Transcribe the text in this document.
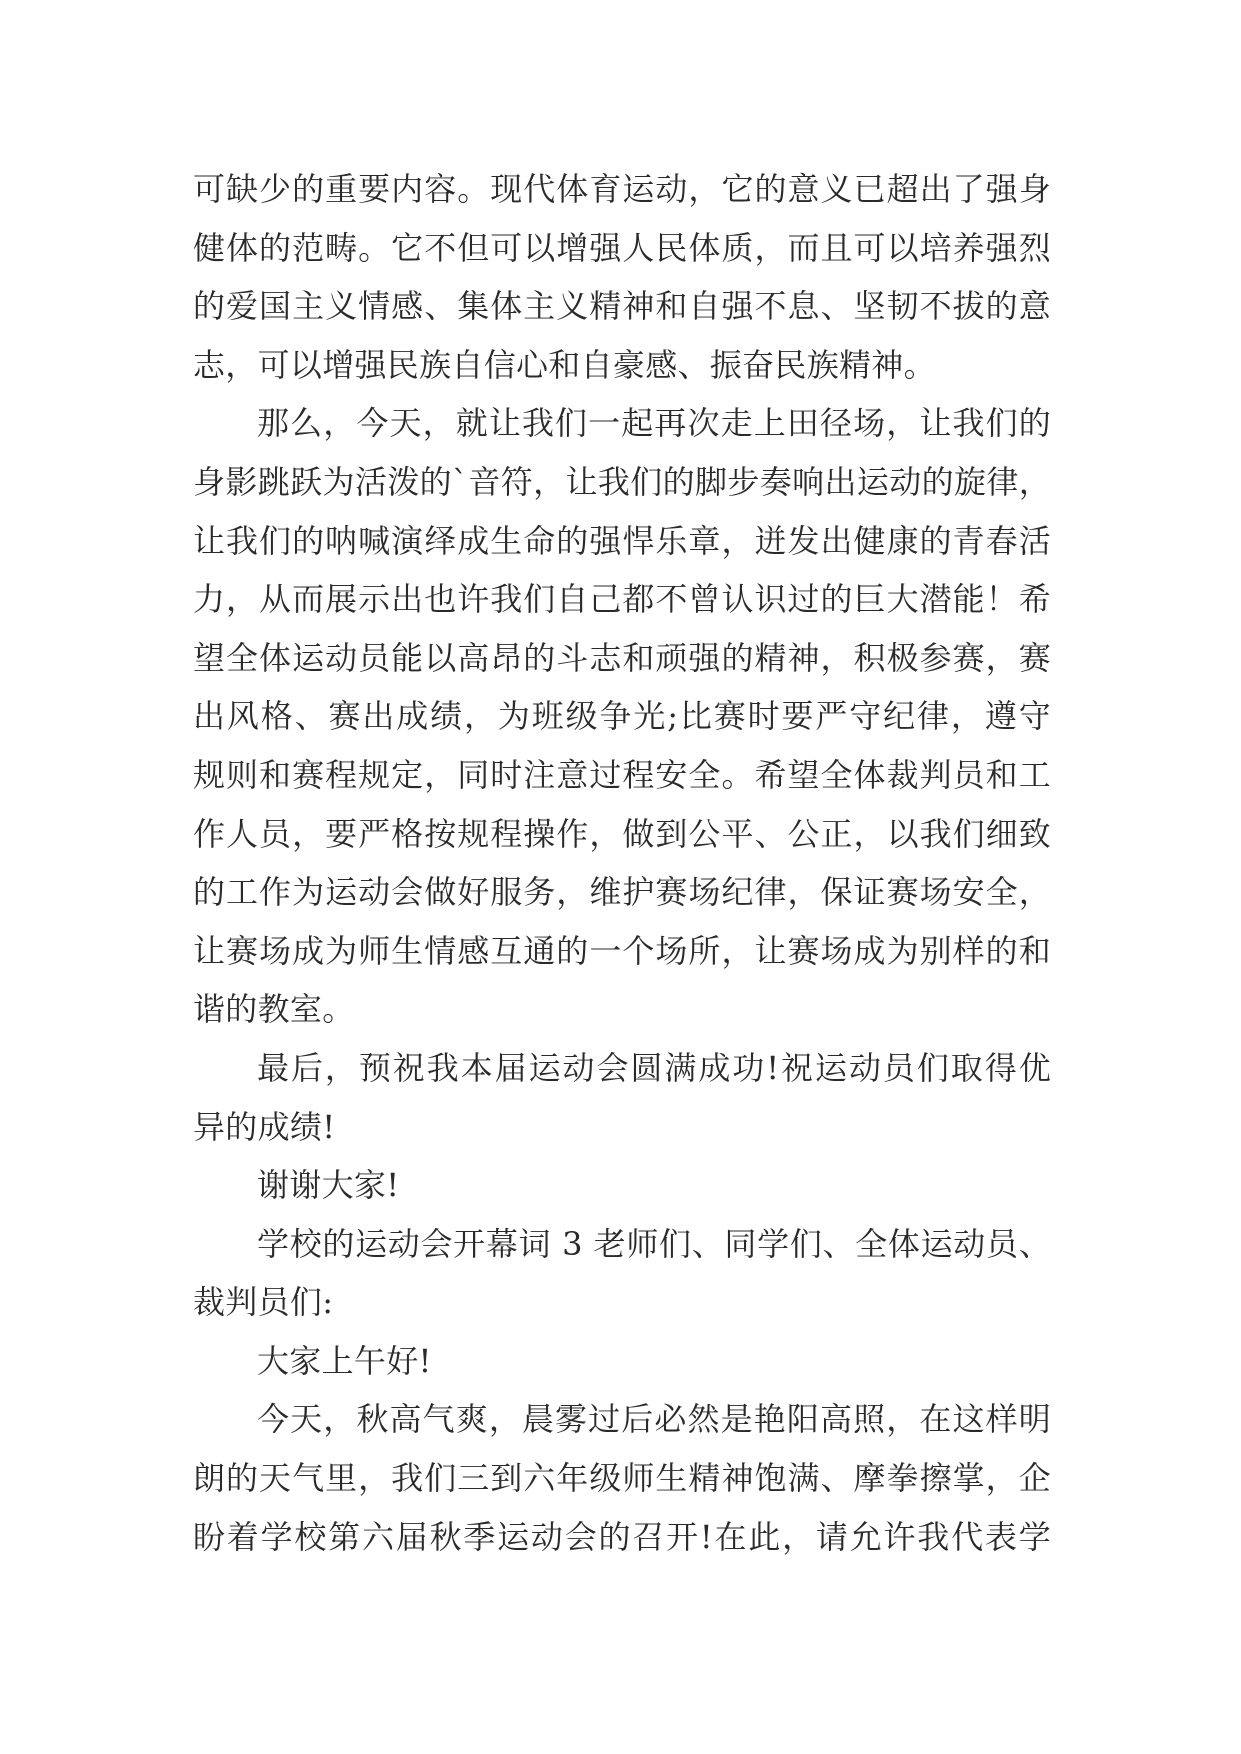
可缺少的重要内容。现代体育运动，它的意义已超出了强身
健体的范畴。它不但可以增强人民体质，而且可以培养强烈
的爱国主义情感、集体主义精神和自强不息、坚韧不拔的意
志，可以增强民族自信心和自豪感、振奋民族精神。
那么，今天，就让我们一起再次走上田径场，让我们的
身影跳跃为活泼的`音符，让我们的脚步奏响出运动的旋律，
让我们的呐喊演绎成生命的强悍乐章，迸发出健康的青春活
力，从而展示出也许我们自己都不曾认识过的巨大潜能！希
望全体运动员能以高昂的斗志和顽强的精神，积极参赛，赛
出风格、赛出成绩，为班级争光;比赛时要严守纪律，遵守
规则和赛程规定，同时注意过程安全。希望全体裁判员和工
作人员，要严格按规程操作，做到公平、公正，以我们细致
的工作为运动会做好服务，维护赛场纪律，保证赛场安全，
让赛场成为师生情感互通的一个场所，让赛场成为别样的和
谐的教室。
最后，预祝我本届运动会圆满成功!祝运动员们取得优
异的成绩!
谢谢大家!
学校的运动会开幕词 3 老师们、同学们、全体运动员、
裁判员们:
大家上午好!
今天，秋高气爽，晨雾过后必然是艳阳高照，在这样明
朗的天气里，我们三到六年级师生精神饱满、摩拳擦掌，企
盼着学校第六届秋季运动会的召开!在此，请允许我代表学
